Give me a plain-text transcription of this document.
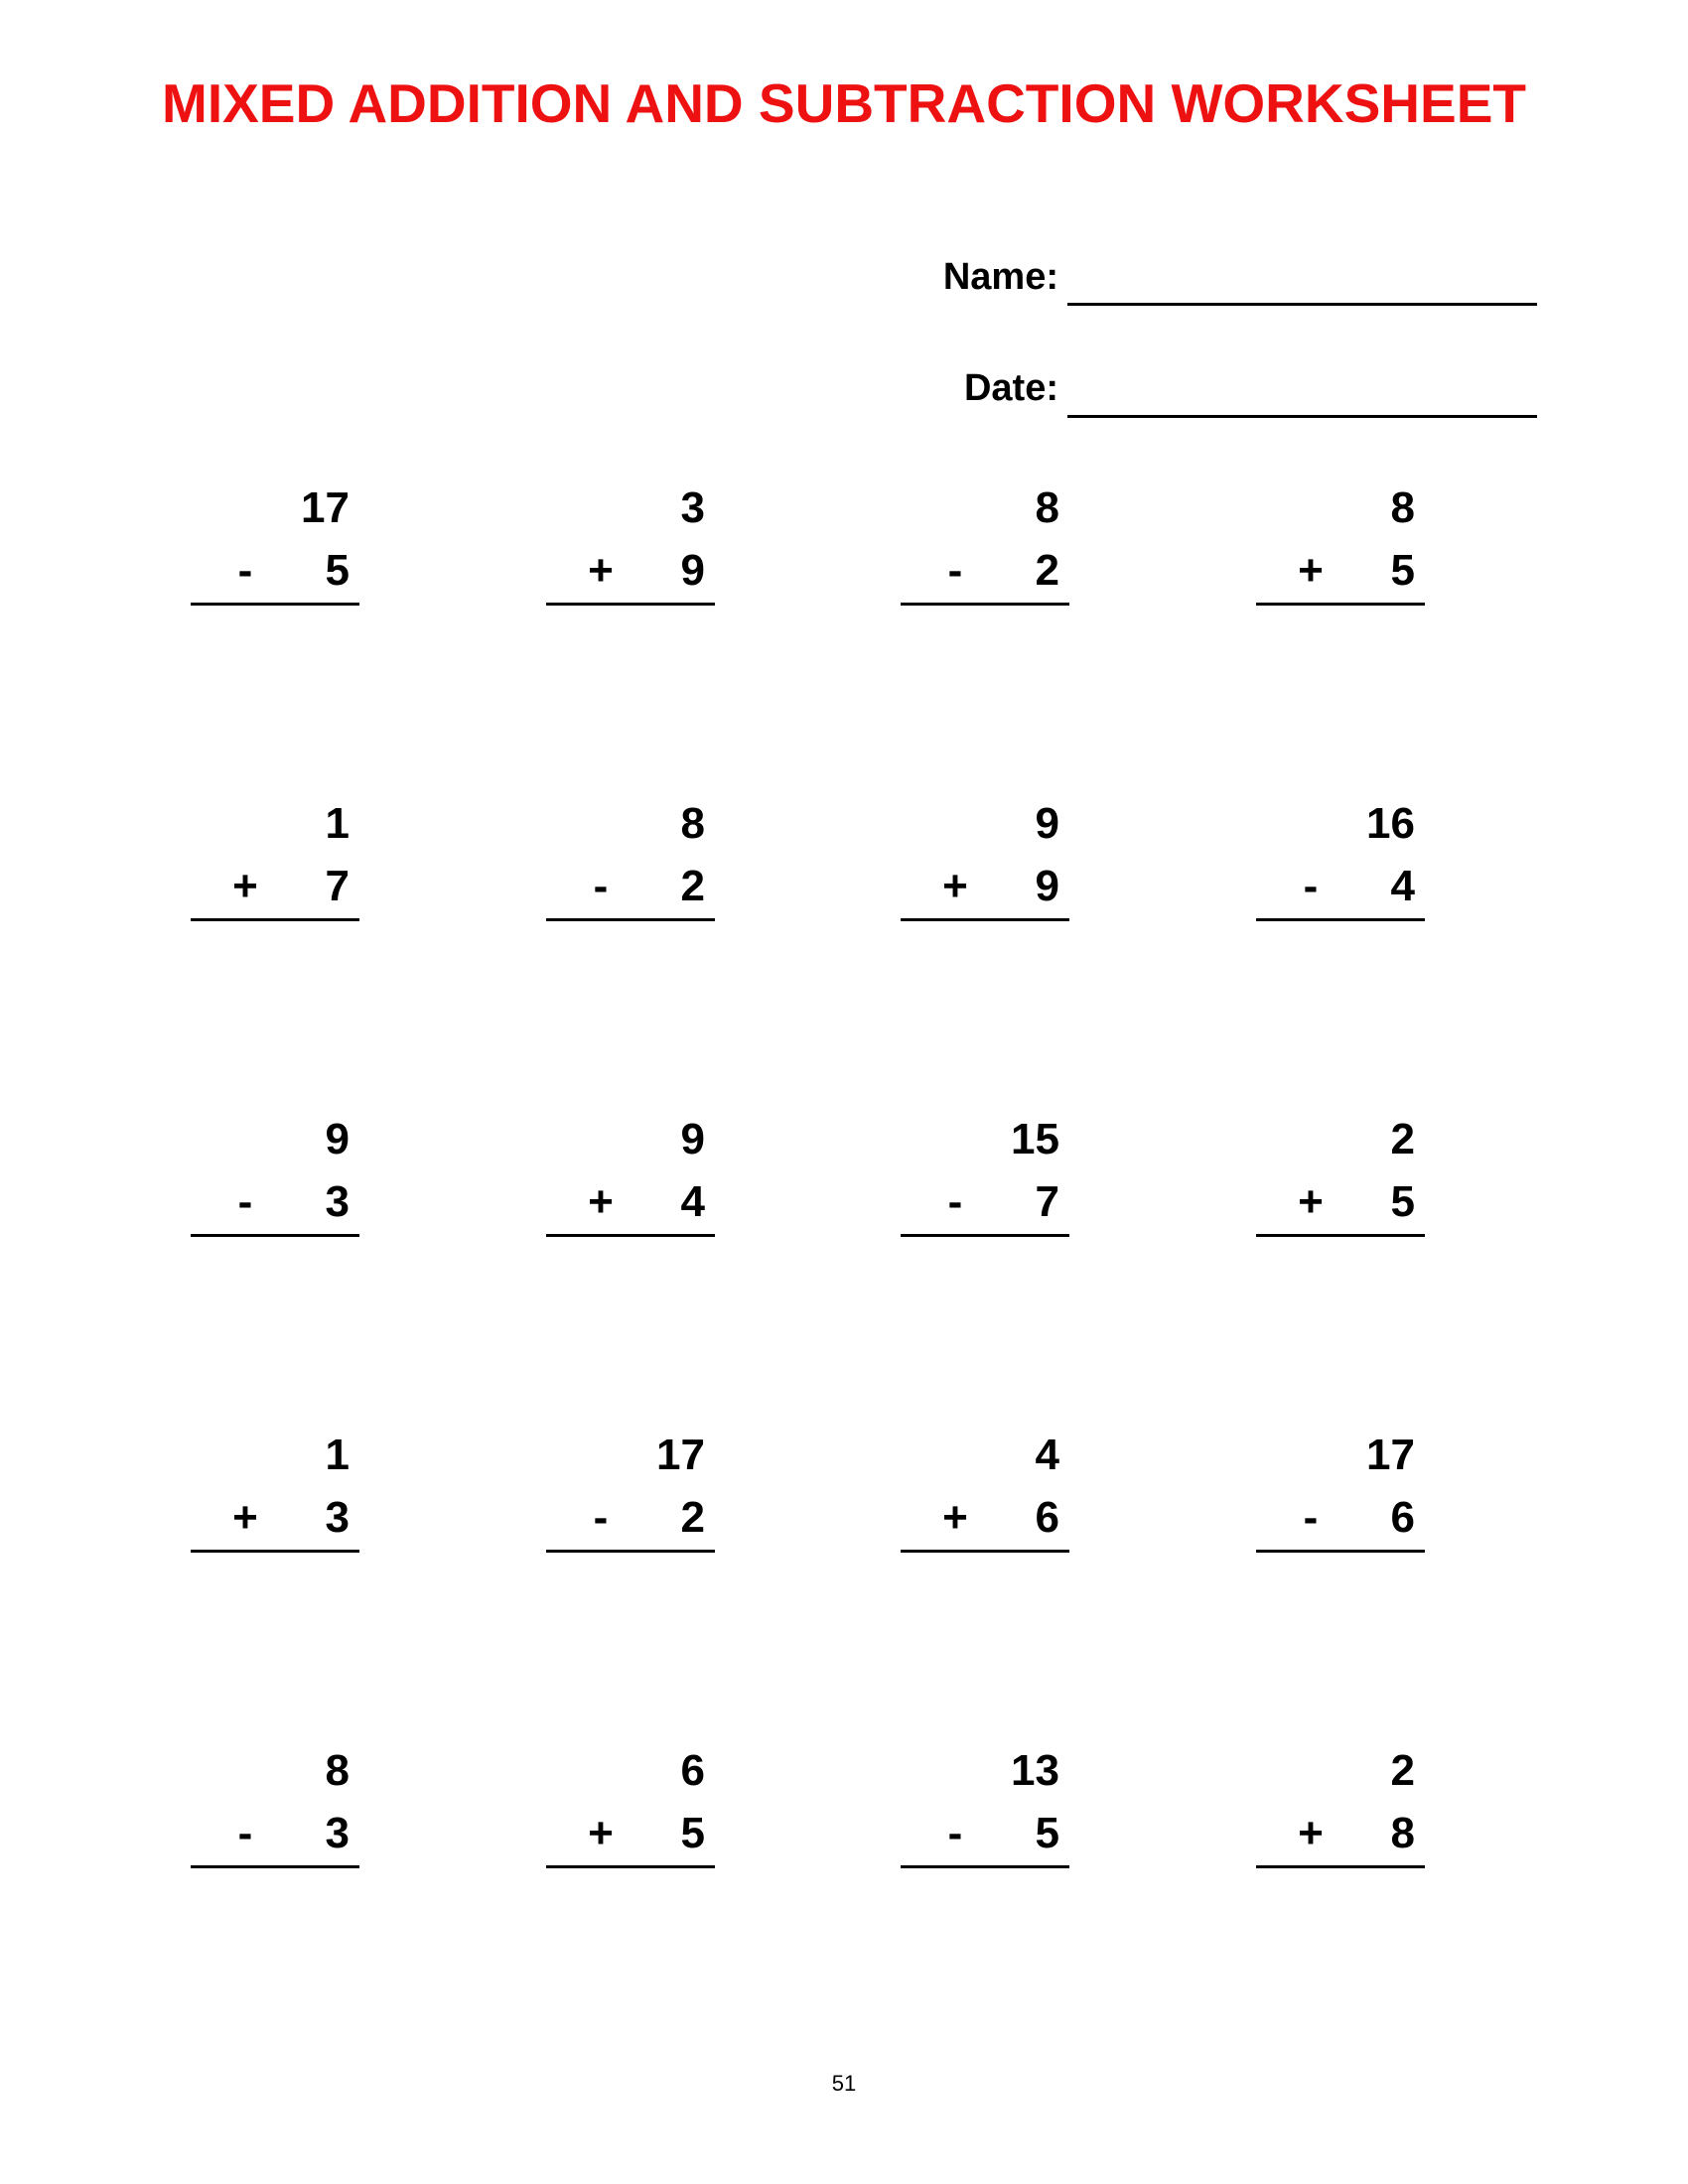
MIXED ADDITION AND SUBTRACTION WORKSHEET
Name:
Date:
17
- 5
3
+ 9
8
- 2
8
+ 5
1
+ 7
8
- 2
9
+ 9
16
- 4
9
- 3
9
+ 4
15
- 7
2
+ 5
1
+ 3
17
- 2
4
+ 6
17
- 6
8
- 3
6
+ 5
13
- 5
2
+ 8
51
